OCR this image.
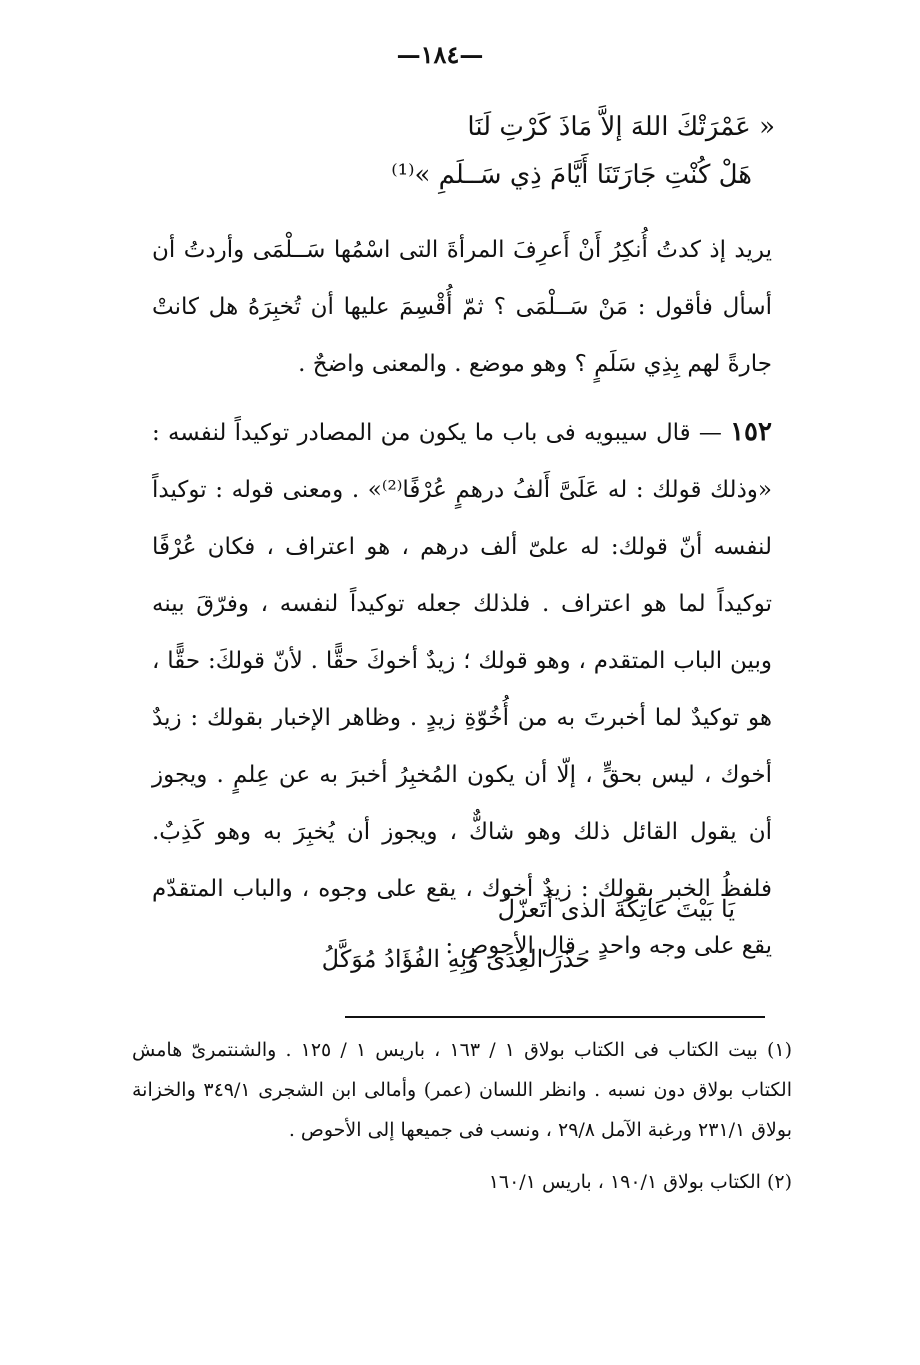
—١٨٤—
« عَمْرَتْكَ اللهَ إلاَّ مَاذَ كَرْتِ لَنَا
هَلْ كُنْتِ جَارَتَنَا أَيَّامَ ذِي سَــلَمِ »⁽¹⁾
يريد إذ كدتُ أُنكِرُ أَنْ أَعرِفَ المرأةَ التى اسْمُها سَــلْمَى وأردتُ أن أسأل فأقول : مَنْ سَــلْمَى ؟ ثمّ أُقْسِمَ عليها أن تُخبِرَهُ هل كانتْ جارةً لهم بِذِي سَلَمٍ ؟ وهو موضع . والمعنى واضحٌ .
١٥٢ — قال سيبويه فى باب ما يكون من المصادر توكيداً لنفسه : «وذلك قولك : له عَلَىَّ أَلفُ درهمٍ عُرْفًا⁽²⁾» . ومعنى قوله : توكيداً لنفسه أنّ قولك: له علىّ ألف درهم ، هو اعتراف ، فكان عُرْفًا توكيداً لما هو اعتراف . فلذلك جعله توكيداً لنفسه ، وفرّقَ بينه وبين الباب المتقدم ، وهو قولك ؛ زيدٌ أخوكَ حقًّا . لأنّ قولكَ: حقًّا ، هو توكيدٌ لما أخبرتَ به من أُخُوّةِ زيدٍ . وظاهر الإخبار بقولك : زيدٌ أخوك ، ليس بحقٍّ ، إلّا أن يكون المُخبِرُ أخبرَ به عن عِلمٍ . ويجوز أن يقول القائل ذلك وهو شاكٌّ ، ويجوز أن يُخبِرَ به وهو كَذِبٌ. فلفظُ الخبر بقولك : زيدٌ أخوك ، يقع على وجوه ، والباب المتقدّم يقع على وجه واحدٍ . قال الأحوص :
يَا بَيْتَ عَاتِكَةَ الذى أَتَعزّلُ
حَذَرَ العِدَى وَبِهِ الفُؤَادُ مُوَكَّلُ

(١) بيت الكتاب فى الكتاب بولاق ١ / ١٦٣ ، باريس ١ / ١٢٥ . والشنتمرىّ هامش الكتاب بولاق دون نسبه . وانظر اللسان (عمر) وأمالى ابن الشجرى ٣٤٩/١ والخزانة بولاق ٢٣١/١ ورغبة الآمل ٢٩/٨ ، ونسب فى جميعها إلى الأحوص .

(٢) الكتاب بولاق ١٩٠/١ ، باريس ١٦٠/١
